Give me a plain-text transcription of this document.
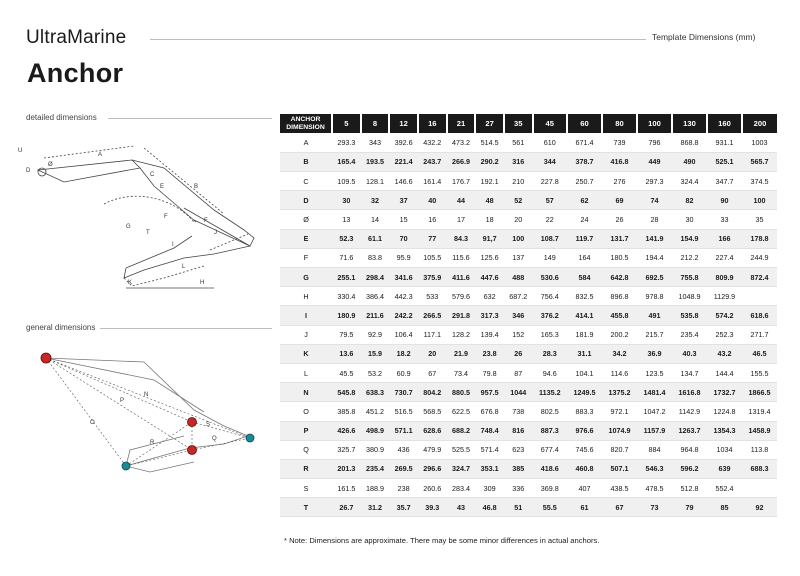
UltraMarine	Template Dimensions (mm)
Anchor
detailed dimensions
U
D
Ø
A
C
E	B
G
T
I
F
F
J
L
K	H
general dimensions
O
P
N
R
S
Q
ANCHOR
DIMENSION	5	8	12	16	21	27	35	45	60	80	100	130	160	200
A	293.3	343	392.6	432.2	473.2	514.5	561	610	671.4	739	796	868.8	931.1	1003
B	165.4	193.5	221.4	243.7	266.9	290.2	316	344	378.7	416.8	449	490	525.1	565.7
C	109.5	128.1	146.6	161.4	176.7	192.1	210	227.8	250.7	276	297.3	324.4	347.7	374.5
D	30	32	37	40	44	48	52	57	62	69	74	82	90	100
Ø	13	14	15	16	17	18	20	22	24	26	28	30	33	35
E	52.3	61.1	70	77	84.3	91,7	100	108.7	119.7	131.7	141.9	154.9	166	178.8
F	71.6	83.8	95.9	105.5	115.6	125.6	137	149	164	180.5	194.4	212.2	227.4	244.9
G	255.1	298.4	341.6	375.9	411.6	447.6	488	530.6	584	642.8	692.5	755.8	809.9	872.4
H	330.4	386.4	442.3	533	579.6	632	687.2	756.4	832.5	896.8	978.8	1048.9	1129.9	
I	180.9	211.6	242.2	266.5	291.8	317.3	346	376.2	414.1	455.8	491	535.8	574.2	618.6
J	79.5	92.9	106.4	117.1	128.2	139.4	152	165.3	181.9	200.2	215.7	235.4	252.3	271.7
K	13.6	15.9	18.2	20	21.9	23.8	26	28.3	31.1	34.2	36.9	40.3	43.2	46.5
L	45.5	53.2	60.9	67	73.4	79.8	87	94.6	104.1	114.6	123.5	134.7	144.4	155.5
N	545.8	638.3	730.7	804.2	880.5	957.5	1044	1135.2	1249.5	1375.2	1481.4	1616.8	1732.7	1866.5
O	385.8	451.2	516.5	568.5	622.5	676.8	738	802.5	883.3	972.1	1047.2	1142.9	1224.8	1319.4
P	426.6	498.9	571.1	628.6	688.2	748.4	816	887.3	976.6	1074.9	1157.9	1263.7	1354.3	1458.9
Q	325.7	380.9	436	479.9	525.5	571.4	623	677.4	745.6	820.7	884	964.8	1034	113.8
R	201.3	235.4	269.5	296.6	324.7	353.1	385	418.6	460.8	507.1	546.3	596.2	639	688.3
S	161.5	188.9	238	260.6	283.4	309	336	369.8	407	438.5	478.5	512.8	552.4	
T	26.7	31.2	35.7	39.3	43	46.8	51	55.5	61	67	73	79	85	92
* Note: Dimensions are approximate. There may be some minor differences in actual anchors.
